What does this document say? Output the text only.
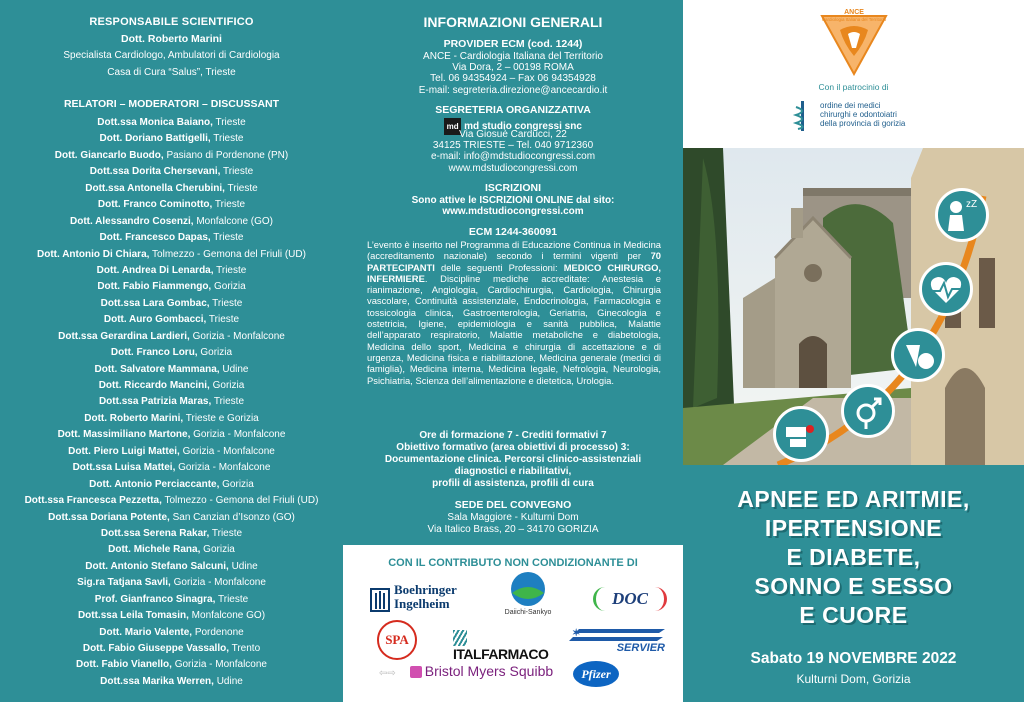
RESPONSABILE SCIENTIFICO
Dott. Roberto Marini
Specialista Cardiologo, Ambulatori di Cardiologia
Casa di Cura “Salus”, Trieste
RELATORI – MODERATORI – DISCUSSANT
Dott.ssa Monica Baiano, Trieste
Dott. Doriano Battigelli, Trieste
Dott. Giancarlo Buodo, Pasiano di Pordenone (PN)
Dott.ssa Dorita Chersevani, Trieste
Dott.ssa Antonella Cherubini, Trieste
Dott. Franco Cominotto, Trieste
Dott. Alessandro Cosenzi, Monfalcone (GO)
Dott. Francesco Dapas, Trieste
Dott. Antonio Di Chiara, Tolmezzo - Gemona del Friuli (UD)
Dott. Andrea Di Lenarda, Trieste
Dott. Fabio Fiammengo, Gorizia
Dott.ssa Lara Gombac, Trieste
Dott. Auro Gombacci, Trieste
Dott.ssa Gerardina Lardieri, Gorizia - Monfalcone
Dott. Franco Loru, Gorizia
Dott. Salvatore Mammana, Udine
Dott. Riccardo Mancini, Gorizia
Dott.ssa Patrizia Maras, Trieste
Dott. Roberto Marini, Trieste e Gorizia
Dott. Massimiliano Martone, Gorizia - Monfalcone
Dott. Piero Luigi Mattei, Gorizia - Monfalcone
Dott.ssa Luisa Mattei, Gorizia - Monfalcone
Dott. Antonio Perciaccante, Gorizia
Dott.ssa Francesca Pezzetta, Tolmezzo - Gemona del Friuli (UD)
Dott.ssa Doriana Potente, San Canzian d’Isonzo (GO)
Dott.ssa Serena Rakar, Trieste
Dott. Michele Rana, Gorizia
Dott. Antonio Stefano Salcuni, Udine
Sig.ra Tatjana Savli, Gorizia - Monfalcone
Prof. Gianfranco Sinagra, Trieste
Dott.ssa Leila Tomasin, Monfalcone GO)
Dott. Mario Valente, Pordenone
Dott. Fabio Giuseppe Vassallo, Trento
Dott. Fabio Vianello, Gorizia - Monfalcone
Dott.ssa Marika Werren, Udine
INFORMAZIONI GENERALI
PROVIDER ECM (cod. 1244)
ANCE - Cardiologia Italiana del Territorio
Via Dora, 2 – 00198 ROMA
Tel. 06 94354924 – Fax 06 94354928
E-mail: segreteria.direzione@ancecardio.it
SEGRETERIA ORGANIZZATIVA
md md studio congressi snc
Via Giosuè Carducci, 22
34125 TRIESTE – Tel. 040 9712360
e-mail: info@mdstudiocongressi.com
www.mdstudiocongressi.com
ISCRIZIONI
Sono attive le ISCRIZIONI ONLINE dal sito:
www.mdstudiocongressi.com
ECM 1244-360091
L’evento è inserito nel Programma di Educazione Continua in Medicina (accreditamento nazionale) secondo i termini vigenti per 70 PARTECIPANTI delle seguenti Professioni: MEDICO CHIRURGO, INFERMIERE. Discipline mediche accreditate: Anestesia e rianimazione, Angiologia, Cardiochirurgia, Cardiologia, Chirurgia vascolare, Continuità assistenziale, Endocrinologia, Farmacologia e tossicologia clinica, Gastroenterologia, Geriatria, Ginecologia e ostetricia, Igiene, epidemiologia e sanità pubblica, Malattie dell’apparato respiratorio, Malattie metaboliche e diabetologia, Medicina dello sport, Medicina e chirurgia di accettazione e di urgenza, Medicina fisica e riabilitazione, Medicina generale (medici di famiglia), Medicina interna, Medicina legale, Nefrologia, Neurologia, Psichiatria, Scienza dell’alimentazione e dietetica, Urologia.
Ore di formazione 7 - Crediti formativi 7
Obiettivo formativo (area obiettivi di processo) 3:
Documentazione clinica. Percorsi clinico-assistenziali
diagnostici e riabilitativi,
profili di assistenza, profili di cura
SEDE DEL CONVEGNO
Sala Maggiore - Kulturni Dom
Via Italico Brass, 20 – 34170 GORIZIA
CON IL CONTRIBUTO NON CONDIZIONANTE DI
Boehringer
Ingelheim
Daiichi-Sankyo
DOC
SPA
ITALFARMACO
✶
SERVIER
⇦⇨ Bristol Myers Squibb	Pfizer
ANCE
Cardiologia Italiana del Territorio
Con il patrocinio di
ordine dei medici
chirurghi e odontoiatri
della provincia di gorizia
zZ
APNEE ED ARITMIE,
IPERTENSIONE
E DIABETE,
SONNO E SESSO
E CUORE
Sabato 19 NOVEMBRE 2022
Kulturni Dom, Gorizia
